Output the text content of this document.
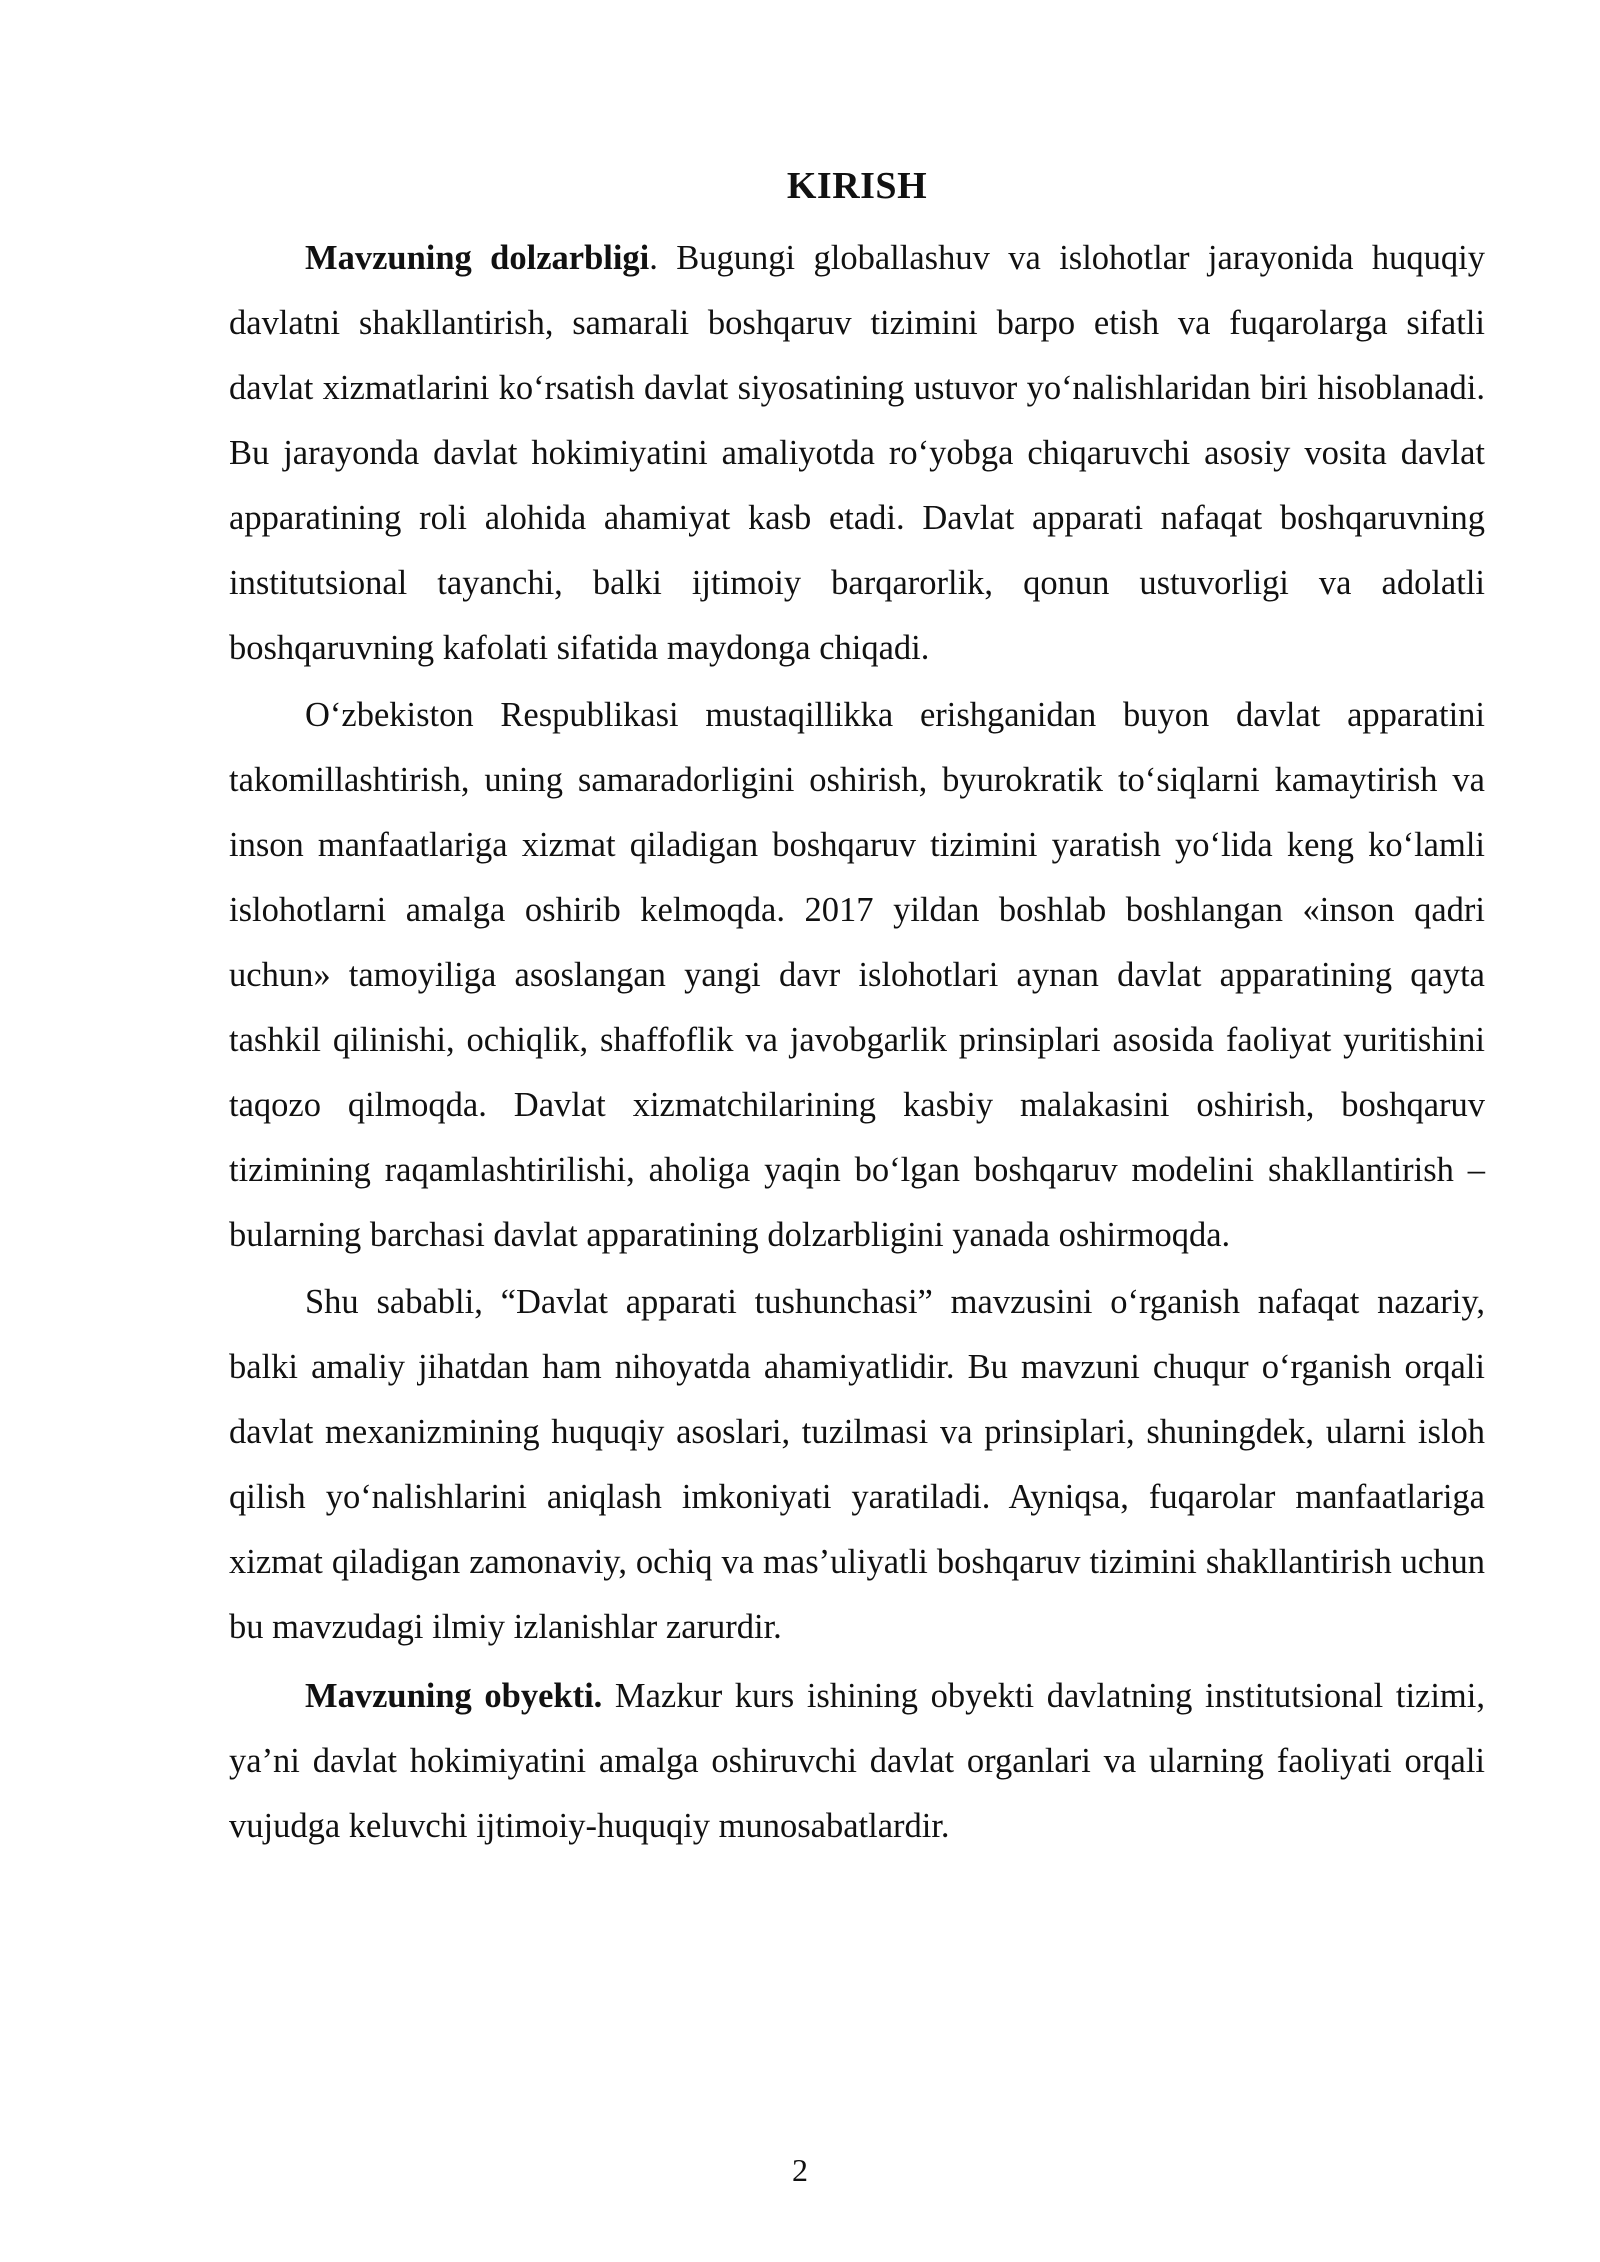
KIRISH

Mavzuning dolzarbligi. Bugungi globallashuv va islohotlar jarayonida huquqiy davlatni shakllantirish, samarali boshqaruv tizimini barpo etish va fuqarolarga sifatli davlat xizmatlarini koʻrsatish davlat siyosatining ustuvor yoʻnalishlaridan biri hisoblanadi. Bu jarayonda davlat hokimiyatini amaliyotda roʻyobga chiqaruvchi asosiy vosita davlat apparatining roli alohida ahamiyat kasb etadi. Davlat apparati nafaqat boshqaruvning institutsional tayanchi, balki ijtimoiy barqarorlik, qonun ustuvorligi va adolatli boshqaruvning kafolati sifatida maydonga chiqadi.

Oʻzbekiston Respublikasi mustaqillikka erishganidan buyon davlat apparatini takomillashtirish, uning samaradorligini oshirish, byurokratik toʻsiqlarni kamaytirish va inson manfaatlariga xizmat qiladigan boshqaruv tizimini yaratish yoʻlida keng koʻlamli islohotlarni amalga oshirib kelmoqda. 2017 yildan boshlab boshlangan «inson qadri uchun» tamoyiliga asoslangan yangi davr islohotlari aynan davlat apparatining qayta tashkil qilinishi, ochiqlik, shaffoflik va javobgarlik prinsiplari asosida faoliyat yuritishini taqozo qilmoqda. Davlat xizmatchilarining kasbiy malakasini oshirish, boshqaruv tizimining raqamlashtirilishi, aholiga yaqin boʻlgan boshqaruv modelini shakllantirish – bularning barchasi davlat apparatining dolzarbligini yanada oshirmoqda.

Shu sababli, “Davlat apparati tushunchasi” mavzusini oʻrganish nafaqat nazariy, balki amaliy jihatdan ham nihoyatda ahamiyatlidir. Bu mavzuni chuqur oʻrganish orqali davlat mexanizmining huquqiy asoslari, tuzilmasi va prinsiplari, shuningdek, ularni isloh qilish yoʻnalishlarini aniqlash imkoniyati yaratiladi. Ayniqsa, fuqarolar manfaatlariga xizmat qiladigan zamonaviy, ochiq va mas’uliyatli boshqaruv tizimini shakllantirish uchun bu mavzudagi ilmiy izlanishlar zarurdir.

Mavzuning obyekti. Mazkur kurs ishining obyekti davlatning institutsional tizimi, ya’ni davlat hokimiyatini amalga oshiruvchi davlat organlari va ularning faoliyati orqali vujudga keluvchi ijtimoiy-huquqiy munosabatlardir.

2
